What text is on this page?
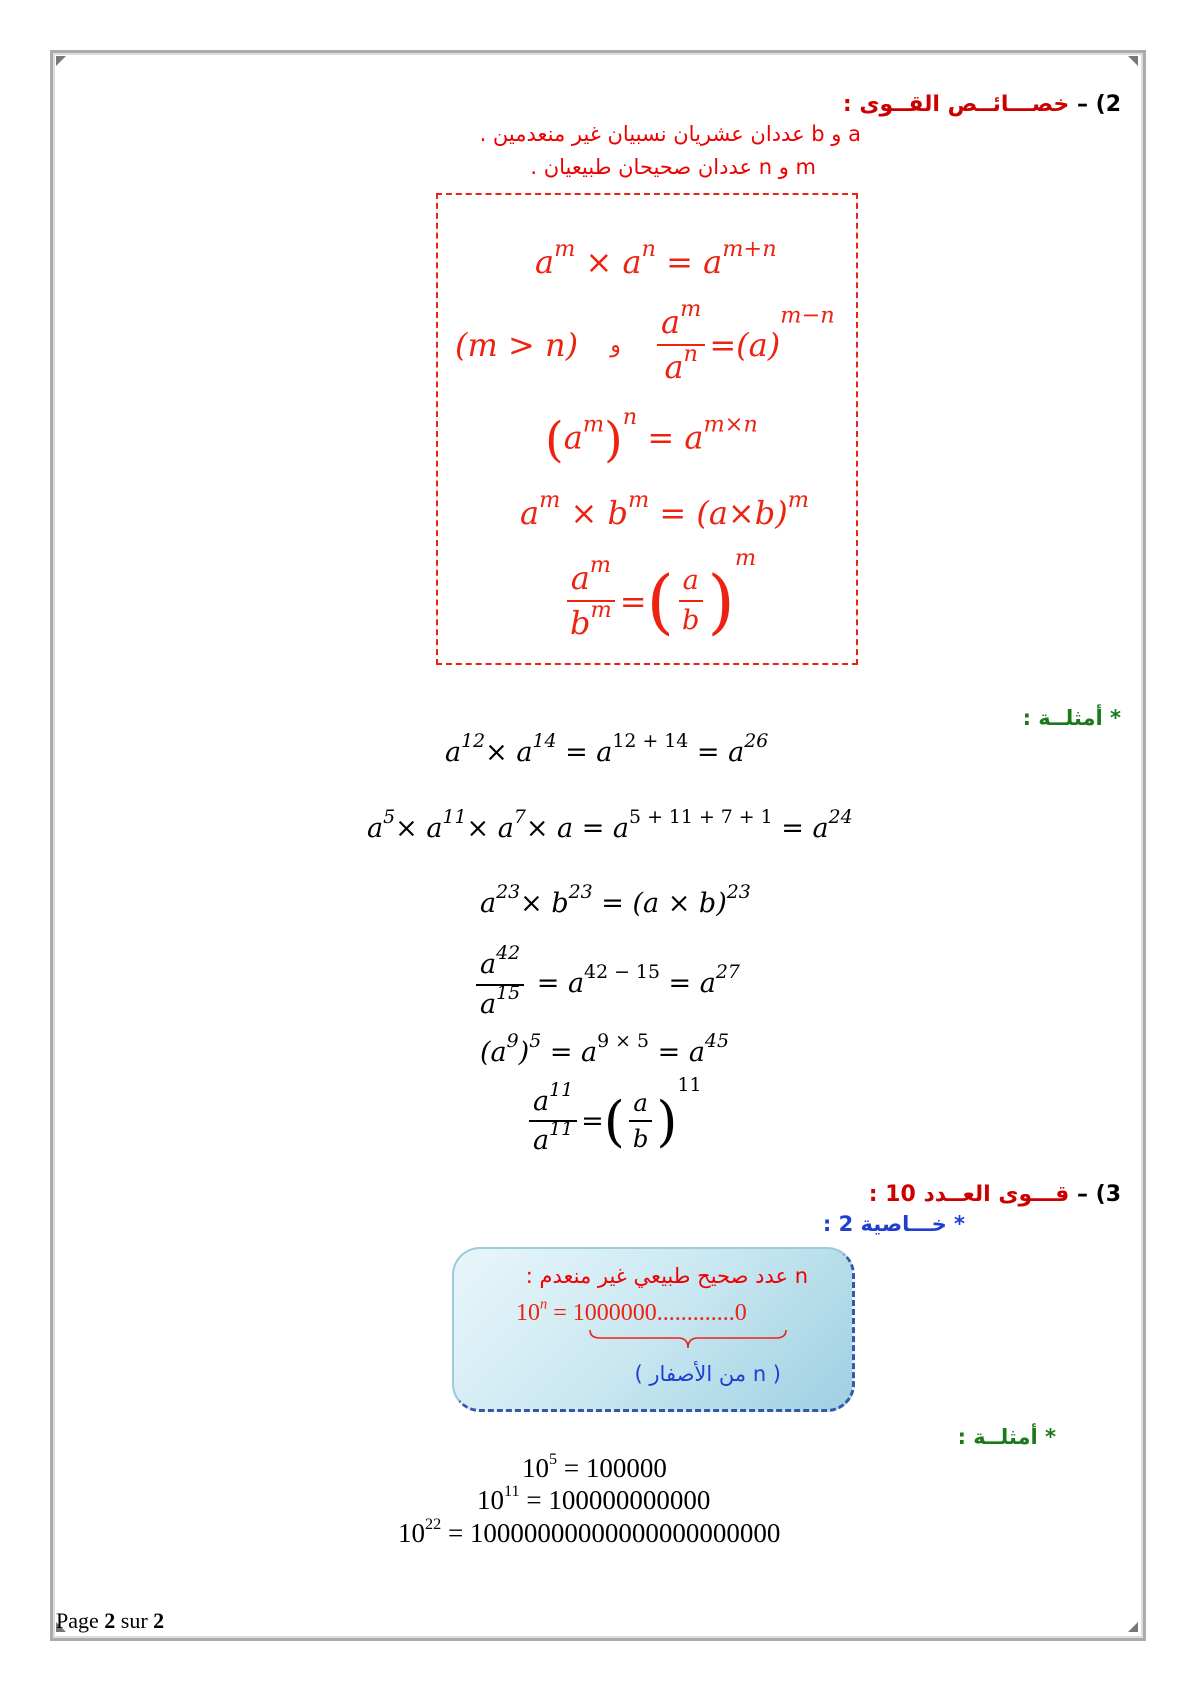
2) – خصـــائــص القــوى :
a و b عددان عشريان نسبيان غير منعدمين .
m و n عددان صحيحان طبيعيان .
$a^m \times a^n = a^{m+n}$
(m > n) و $\frac{a^m}{a^n} =(a)^{m-n}$
$(a^m)^n = a^{m\times n}$
$a^m \times b^m = (a\times b)^m$
$\frac{a^m}{b^m}$ =( $\frac{a}{b} )^m$
* أمثلــة :
$a^{12}\times a^{14} = a^{12 + 14} = a^{26}$
$a^5\times a^{11}\times a^7\times a = a^{5 + 11 + 7 + 1} = a^{24}$
$a^{23}\times b^{23} = (a \times b)^{23}$
$\frac{a^{42}}{a^{15}} = a^{42 - 15} = a^{27}$
$(a^9)^5 = a^{9 \times 5} = a^{45}$
$\frac{a^{11}}{a^{11}}$ =( $\frac{a}{b} )^{11}$
3) – قـــوى العــدد 10 :
* خـــاصية 2 :
n عدد صحيح طبيعي غير منعدم :
$10^n = 1000000.............0$
( n من الأصفار )
* أمثلــة :
$10^5 = 100000$
$10^{11} = 100000000000$
$10^{22} = 10000000000000000000000$
Page 2 sur 2
